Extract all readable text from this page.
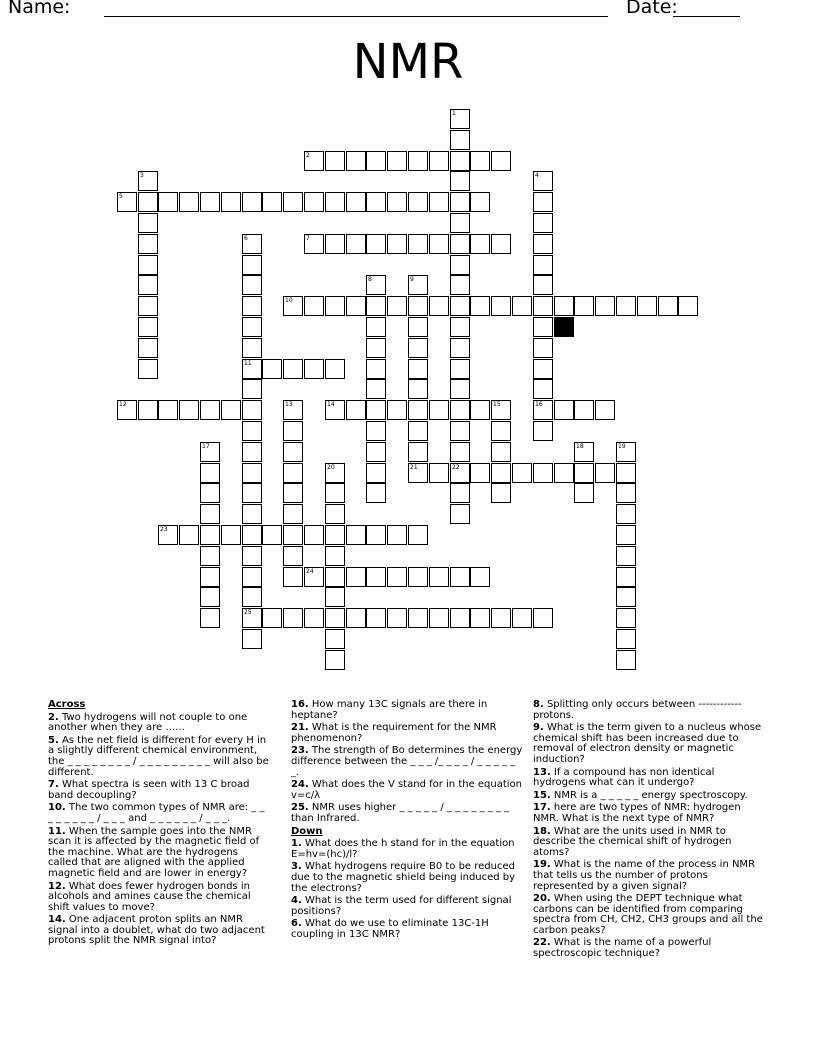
Name:	Date:
NMR
1
22
2
3	4
16
5
6
11
25
7
8	9
21
10
12	13	14	15
17	18	19
20
23
24

Across

2. Two hydrogens will not couple to one another when they are …...

5. As the net field is different for every H in a slightly different chemical environment, the _ _ _ _ _ _ _ _ / _ _ _ _ _ _ _ _ _ will also be different.

7. What spectra is seen with 13 C broad band decoupling?

10. The two common types of NMR are: _ _ _ _ _ _ _ _ / _ _ _ and _ _ _ _ _ _ / _ _ _.

11. When the sample goes into the NMR scan it is affected by the magnetic field of the machine. What are the hydrogens called that are aligned with the applied magnetic field and are lower in energy?

12. What does fewer hydrogen bonds in alcohols and amines cause the chemical shift values to move?

14. One adjacent proton splits an NMR signal into a doublet, what do two adjacent protons split the NMR signal into?

16. How many 13C signals are there in heptane?

21. What is the requirement for the NMR phenomenon?

23. The strength of Bo determines the energy difference between the _ _ _ /_ _ _ _ / _ _ _ _ _ _.

24. What does the V stand for in the equation v=c/λ

25. NMR uses higher _ _ _ _ _ / _ _ _ _ _ _ _ _ than Infrared.

Down

1. What does the h stand for in the equation E=hv=(hc)/l?

3. What hydrogens require B0 to be reduced due to the magnetic shield being induced by the electrons?

4. What is the term used for different signal positions?

6. What do we use to eliminate 13C-1H coupling in 13C NMR?

8. Splitting only occurs between ------------ protons.

9. What is the term given to a nucleus whose chemical shift has been increased due to removal of electron density or magnetic induction?

13. If a compound has non identical hydrogens what can it undergo?

15. NMR is a _ _ _ _ _ energy spectroscopy.

17. here are two types of NMR: hydrogen NMR. What is the next type of NMR?

18. What are the units used in NMR to describe the chemical shift of hydrogen atoms?

19. What is the name of the process in NMR that tells us the number of protons represented by a given signal?

20. When using the DEPT technique what carbons can be identified from comparing spectra from CH, CH2, CH3 groups and all the carbon peaks?

22. What is the name of a powerful spectroscopic technique?
